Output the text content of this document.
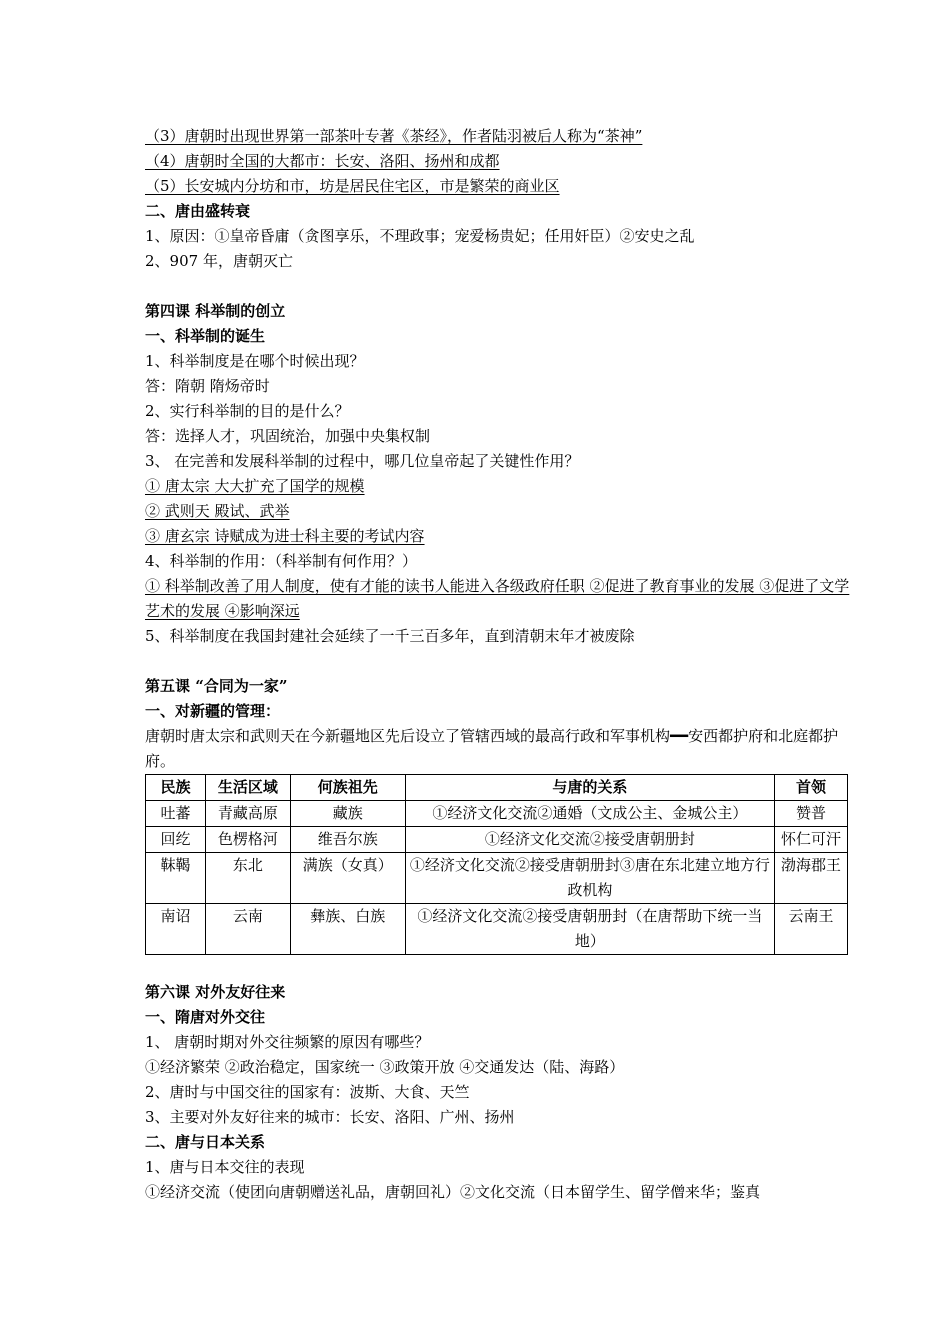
（3）唐朝时出现世界第一部茶叶专著《茶经》，作者陆羽被后人称为“茶神”
（4）唐朝时全国的大都市：长安、洛阳、扬州和成都
（5）长安城内分坊和市，坊是居民住宅区，市是繁荣的商业区
二、唐由盛转衰
1、原因：①皇帝昏庸（贪图享乐，不理政事；宠爱杨贵妃；任用奸臣）②安史之乱
2、907 年，唐朝灭亡
第四课 科举制的创立
一、科举制的诞生
1、科举制度是在哪个时候出现？
答：隋朝 隋炀帝时
2、实行科举制的目的是什么？
答：选择人才，巩固统治，加强中央集权制
3、 在完善和发展科举制的过程中，哪几位皇帝起了关键性作用？
① 唐太宗 大大扩充了国学的规模
② 武则天 殿试、武举
③ 唐玄宗 诗赋成为进士科主要的考试内容
4、科举制的作用：（科举制有何作用？）
① 科举制改善了用人制度，使有才能的读书人能进入各级政府任职 ②促进了教育事业的发展 ③促进了文学艺术的发展 ④影响深远
5、科举制度在我国封建社会延续了一千三百多年，直到清朝末年才被废除
第五课 “合同为一家”
一、对新疆的管理：
唐朝时唐太宗和武则天在今新疆地区先后设立了管辖西域的最高行政和军事机构━━安西都护府和北庭都护府。
民族	生活区域	何族祖先	与唐的关系	首领
吐蕃	青藏高原	藏族	①经济文化交流②通婚（文成公主、金城公主）	赞普
回纥	色楞格河	维吾尔族	①经济文化交流②接受唐朝册封	怀仁可汗
靺鞨	东北	满族（女真）	①经济文化交流②接受唐朝册封③唐在东北建立地方行政机构	渤海郡王
南诏	云南	彝族、白族	①经济文化交流②接受唐朝册封（在唐帮助下统一当地）	云南王
第六课 对外友好往来
一、隋唐对外交往
1、 唐朝时期对外交往频繁的原因有哪些？
①经济繁荣 ②政治稳定，国家统一 ③政策开放 ④交通发达（陆、海路）
2、唐时与中国交往的国家有：波斯、大食、天竺
3、主要对外友好往来的城市：长安、洛阳、广州、扬州
二、唐与日本关系
1、唐与日本交往的表现
①经济交流（使团向唐朝赠送礼品，唐朝回礼）②文化交流（日本留学生、留学僧来华；鉴真
